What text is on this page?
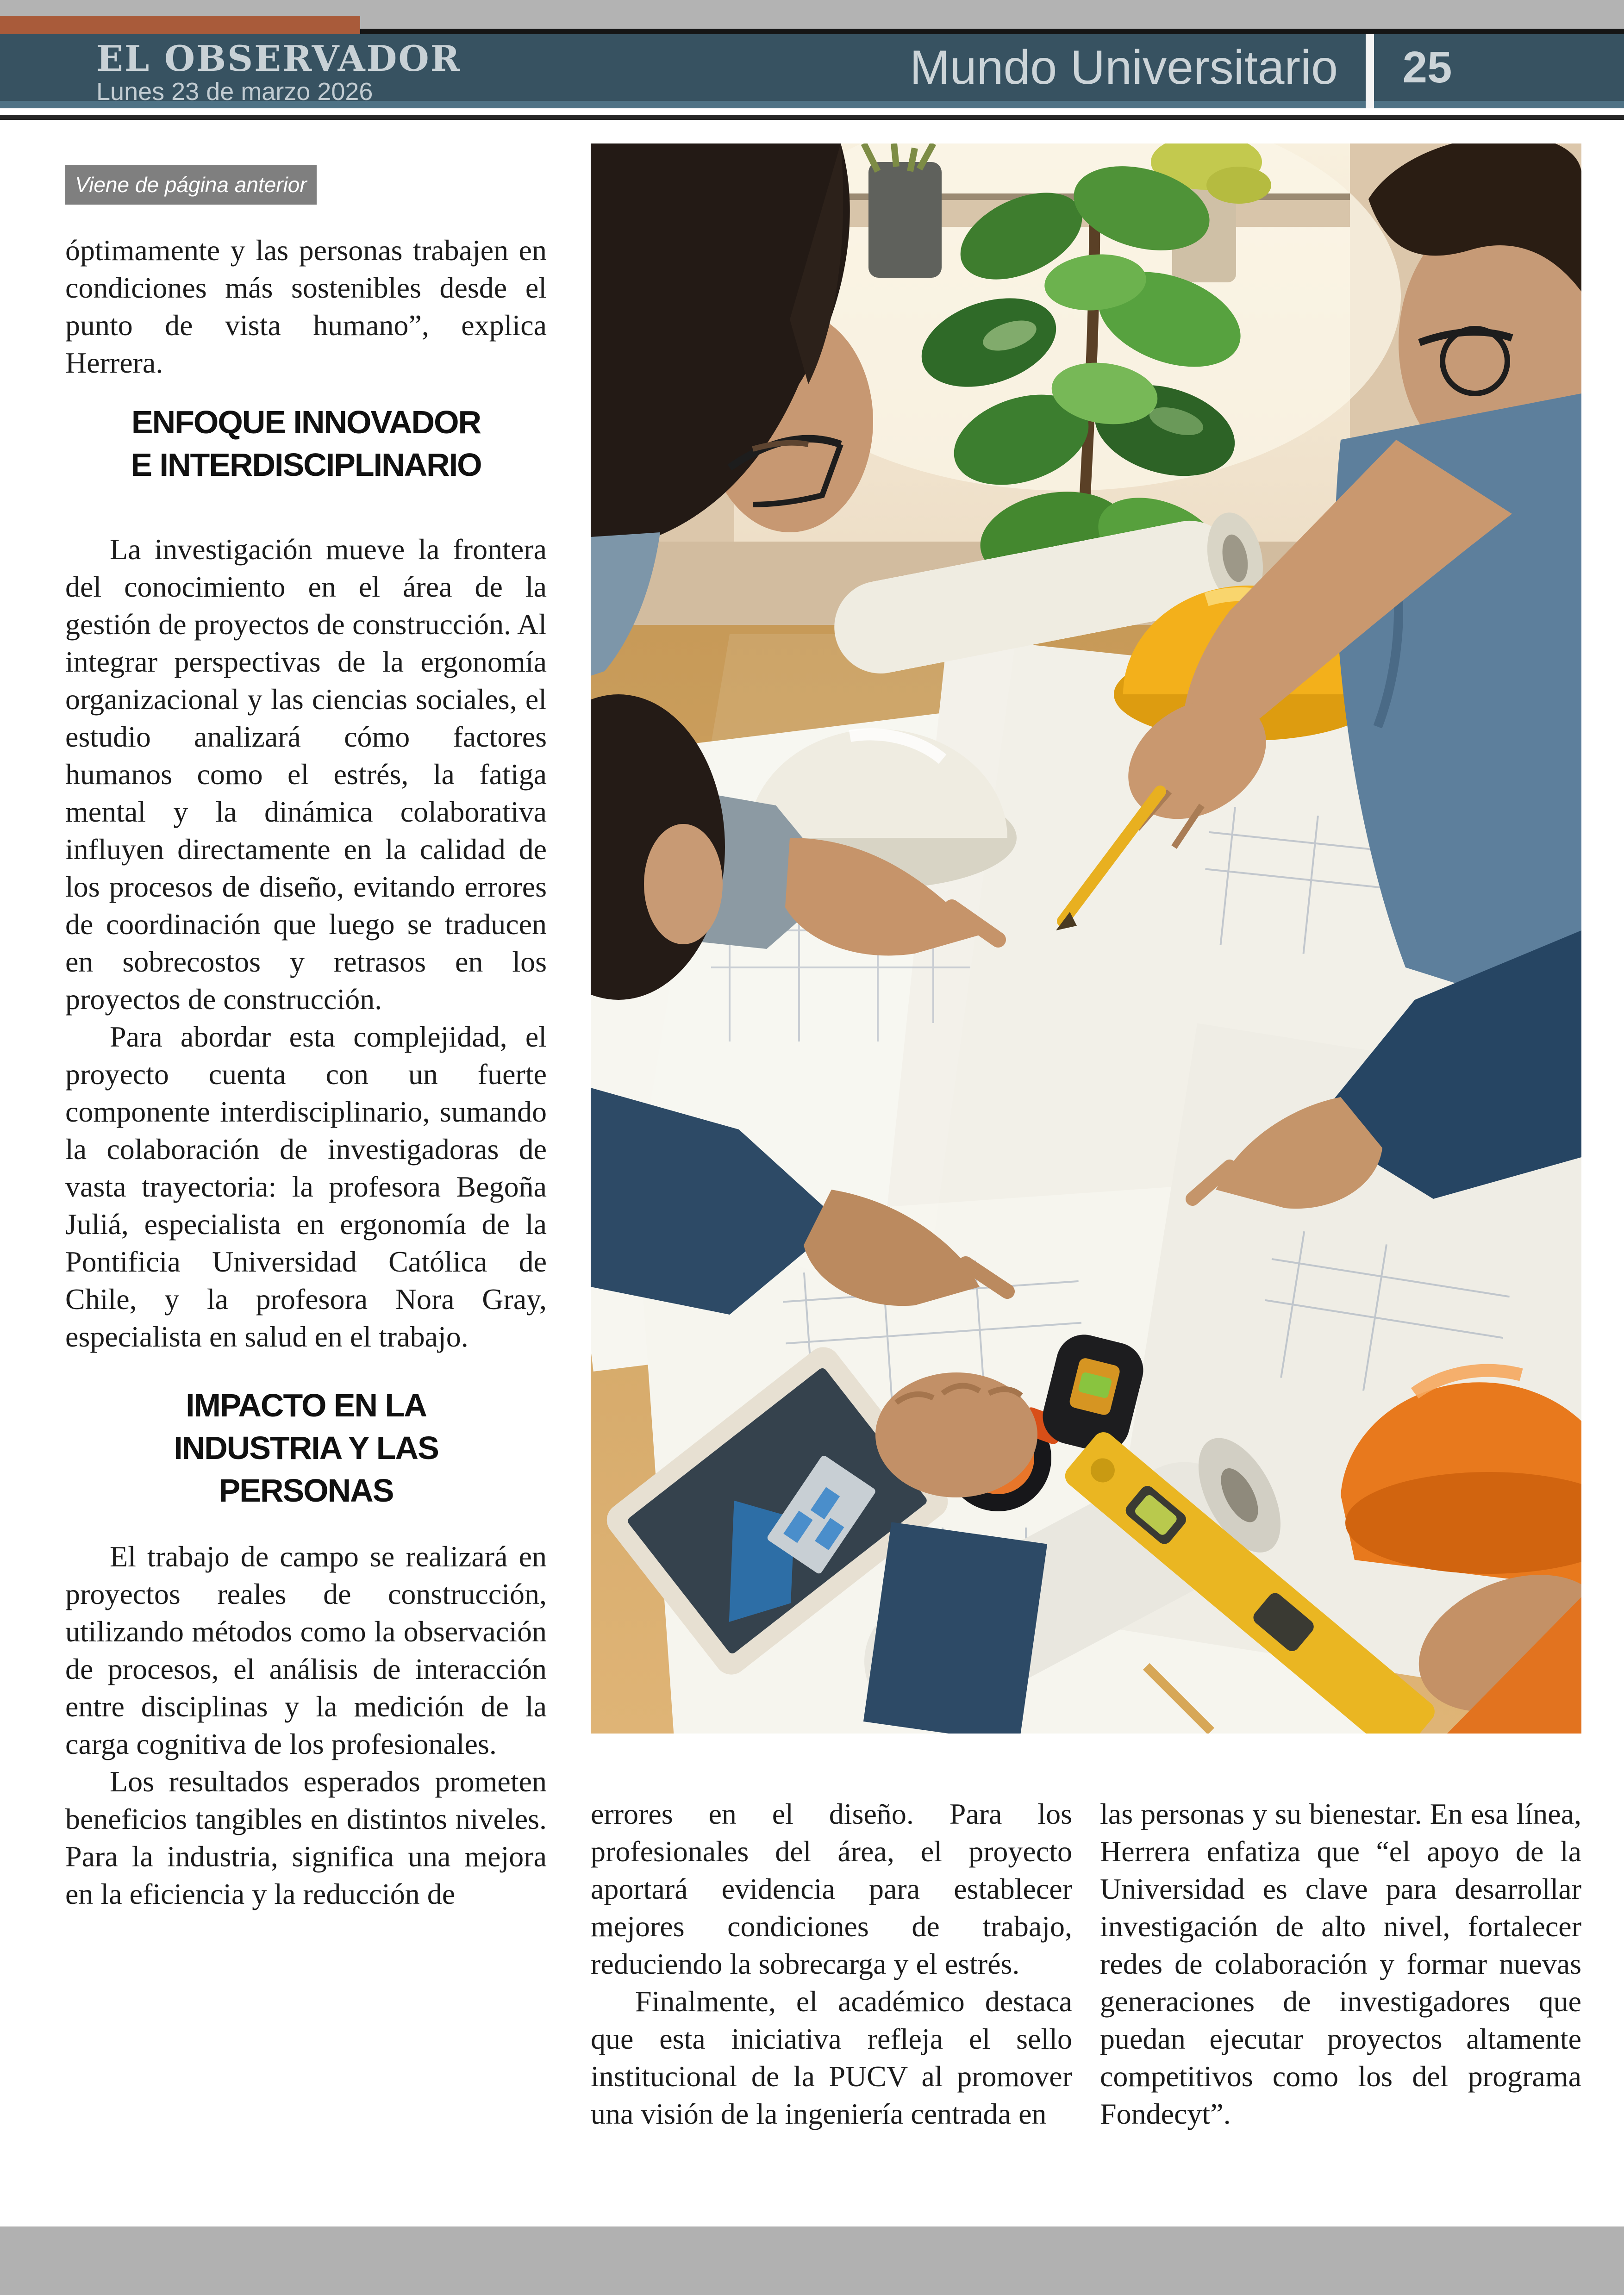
EL OBSERVADOR
Lunes 23 de marzo 2026	Mundo Universitario	25
Viene de página anterior

óptimamente y las personas trabajen en condiciones más sostenibles desde el punto de vista humano”, explica Herrera.

ENFOQUE INNOVADOR
E INTERDISCIPLINARIO

La investigación mueve la frontera del conocimiento en el área de la gestión de proyectos de construcción. Al integrar perspectivas de la ergonomía organizacional y las ciencias sociales, el estudio analizará cómo factores humanos como el estrés, la fatiga mental y la dinámica colaborativa influyen directamente en la calidad de los procesos de diseño, evitando errores de coordinación que luego se traducen en sobrecostos y retrasos en los proyectos de construcción.

Para abordar esta complejidad, el proyecto cuenta con un fuerte componente interdisciplinario, sumando la colaboración de investigadoras de vasta trayectoria: la profesora Begoña Juliá, especialista en ergonomía de la Pontificia Universidad Católica de Chile, y la profesora Nora Gray, especialista en salud en el trabajo.

IMPACTO EN LA
INDUSTRIA Y LAS
PERSONAS

El trabajo de campo se realizará en proyectos reales de construcción, utilizando métodos como la observación de procesos, el análisis de interacción entre disciplinas y la medición de la carga cognitiva de los profesionales.

Los resultados esperados prometen beneficios tangibles en distintos niveles. Para la industria, significa una mejora en la eficiencia y la reducción de

errores en el diseño. Para los profesionales del área, el proyecto aportará evidencia para establecer mejores condiciones de trabajo, reduciendo la sobrecarga y el estrés.

Finalmente, el académico destaca que esta iniciativa refleja el sello institucional de la PUCV al promover una visión de la ingeniería centrada en

las personas y su bienestar. En esa línea, Herrera enfatiza que “el apoyo de la Universidad es clave para desarrollar investigación de alto nivel, fortalecer redes de colaboración y formar nuevas generaciones de investigadores que puedan ejecutar proyectos altamente competitivos como los del programa Fondecyt”.
